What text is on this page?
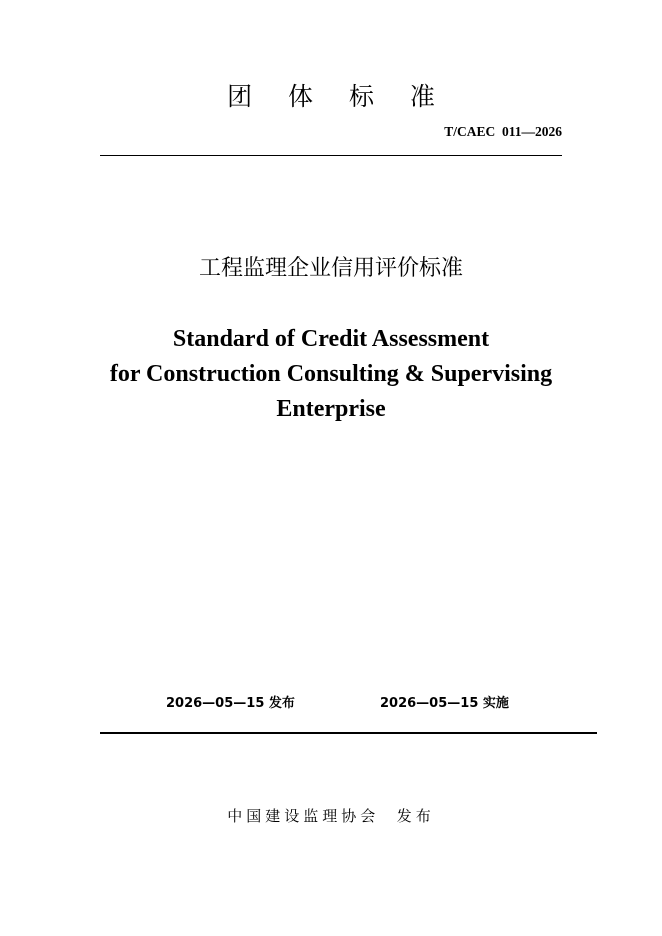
团 体 标 准
T/CAEC  011—2026
工程监理企业信用评价标准
Standard of Credit Assessment
for Construction Consulting & Supervising
Enterprise
2026—05—15 发布	2026—05—15 实施
中国建设监理协会  发布
